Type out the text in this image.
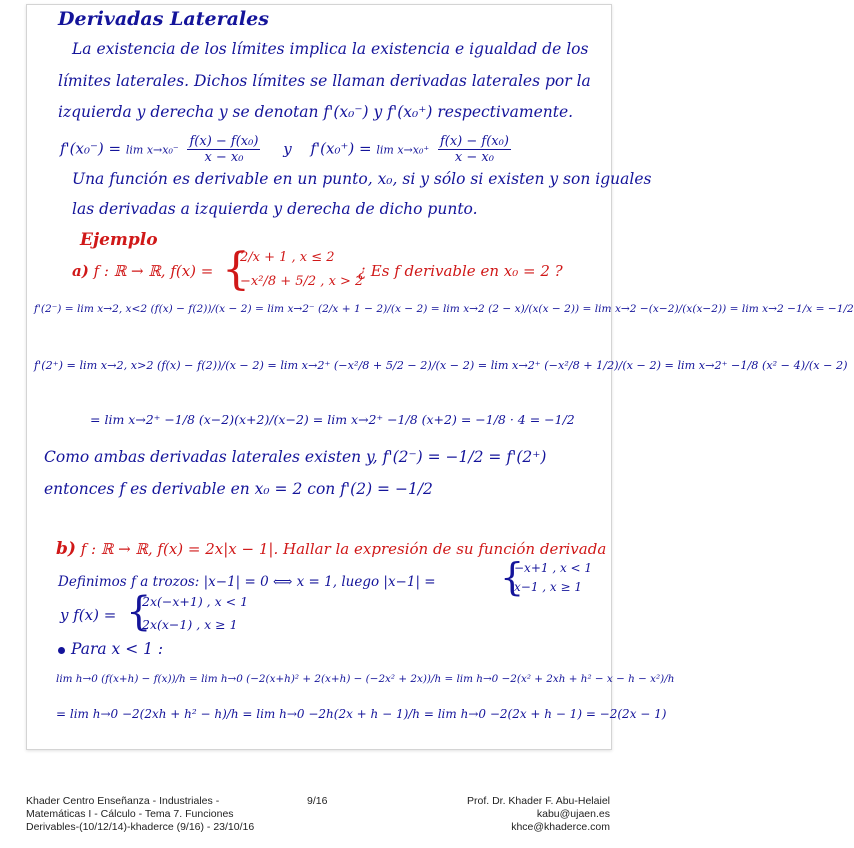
Derivadas Laterales
La existencia de los límites implica la existencia e igualdad de los
límites laterales. Dichos límites se llaman derivadas laterales por la
izquierda y derecha y se denotan f'(x₀⁻) y f'(x₀⁺) respectivamente.
$f'(x_0^-) = \lim x\to x_0^- \frac{\text{f(x) − f(x₀)}}{\text{x − x₀}}$ y $f'(x_0^+) = \lim x\to x_0^+ \frac{\text{f(x) − f(x₀)}}{\text{x − x₀}}$
Una función es derivable en un punto, x₀, si y sólo si existen y son iguales
las derivadas a izquierda y derecha de dicho punto.
Ejemplo
a) f : ℝ → ℝ, f(x) = {
2/x + 1 , x ≤ 2
−x²/8 + 5/2 , x > 2
¿ Es f derivable en x₀ = 2 ?
f'(2⁻) = lim x→2, x<2 (f(x) − f(2))/(x − 2) = lim x→2⁻ (2/x + 1 − 2)/(x − 2) = lim x→2 (2 − x)/(x(x − 2)) = lim x→2 −(x−2)/(x(x−2)) = lim x→2 −1/x = −1/2
f'(2⁺) = lim x→2, x>2 (f(x) − f(2))/(x − 2) = lim x→2⁺ (−x²/8 + 5/2 − 2)/(x − 2) = lim x→2⁺ (−x²/8 + 1/2)/(x − 2) = lim x→2⁺ −1/8 (x² − 4)/(x − 2)
= lim x→2⁺ −1/8 (x−2)(x+2)/(x−2) = lim x→2⁺ −1/8 (x+2) = −1/8 · 4 = −1/2
Como ambas derivadas laterales existen y, f'(2⁻) = −1/2 = f'(2⁺)
entonces f es derivable en x₀ = 2 con f'(2) = −1/2
b) f : ℝ → ℝ, f(x) = 2x|x − 1|. Hallar la expresión de su función derivada
Definimos f a trozos: |x−1| = 0 ⟺ x = 1, luego |x−1| = {
−x+1 , x < 1
x−1 , x ≥ 1
y f(x) = {
2x(−x+1) , x < 1
2x(x−1) , x ≥ 1
Para x < 1 :
lim h→0 (f(x+h) − f(x))/h = lim h→0 (−2(x+h)² + 2(x+h) − (−2x² + 2x))/h = lim h→0 −2(x² + 2xh + h² − x − h − x²)/h
= lim h→0 −2(2xh + h² − h)/h = lim h→0 −2h(2x + h − 1)/h = lim h→0 −2(2x + h − 1) = −2(2x − 1)
Khader Centro Enseñanza - Industriales -
Matemáticas I - Cálculo - Tema 7. Funciones
Derivables-(10/12/14)-khaderce (9/16) - 23/10/16
9/16	Prof. Dr. Khader F. Abu-Helaiel
kabu@ujaen.es
khce@khaderce.com
